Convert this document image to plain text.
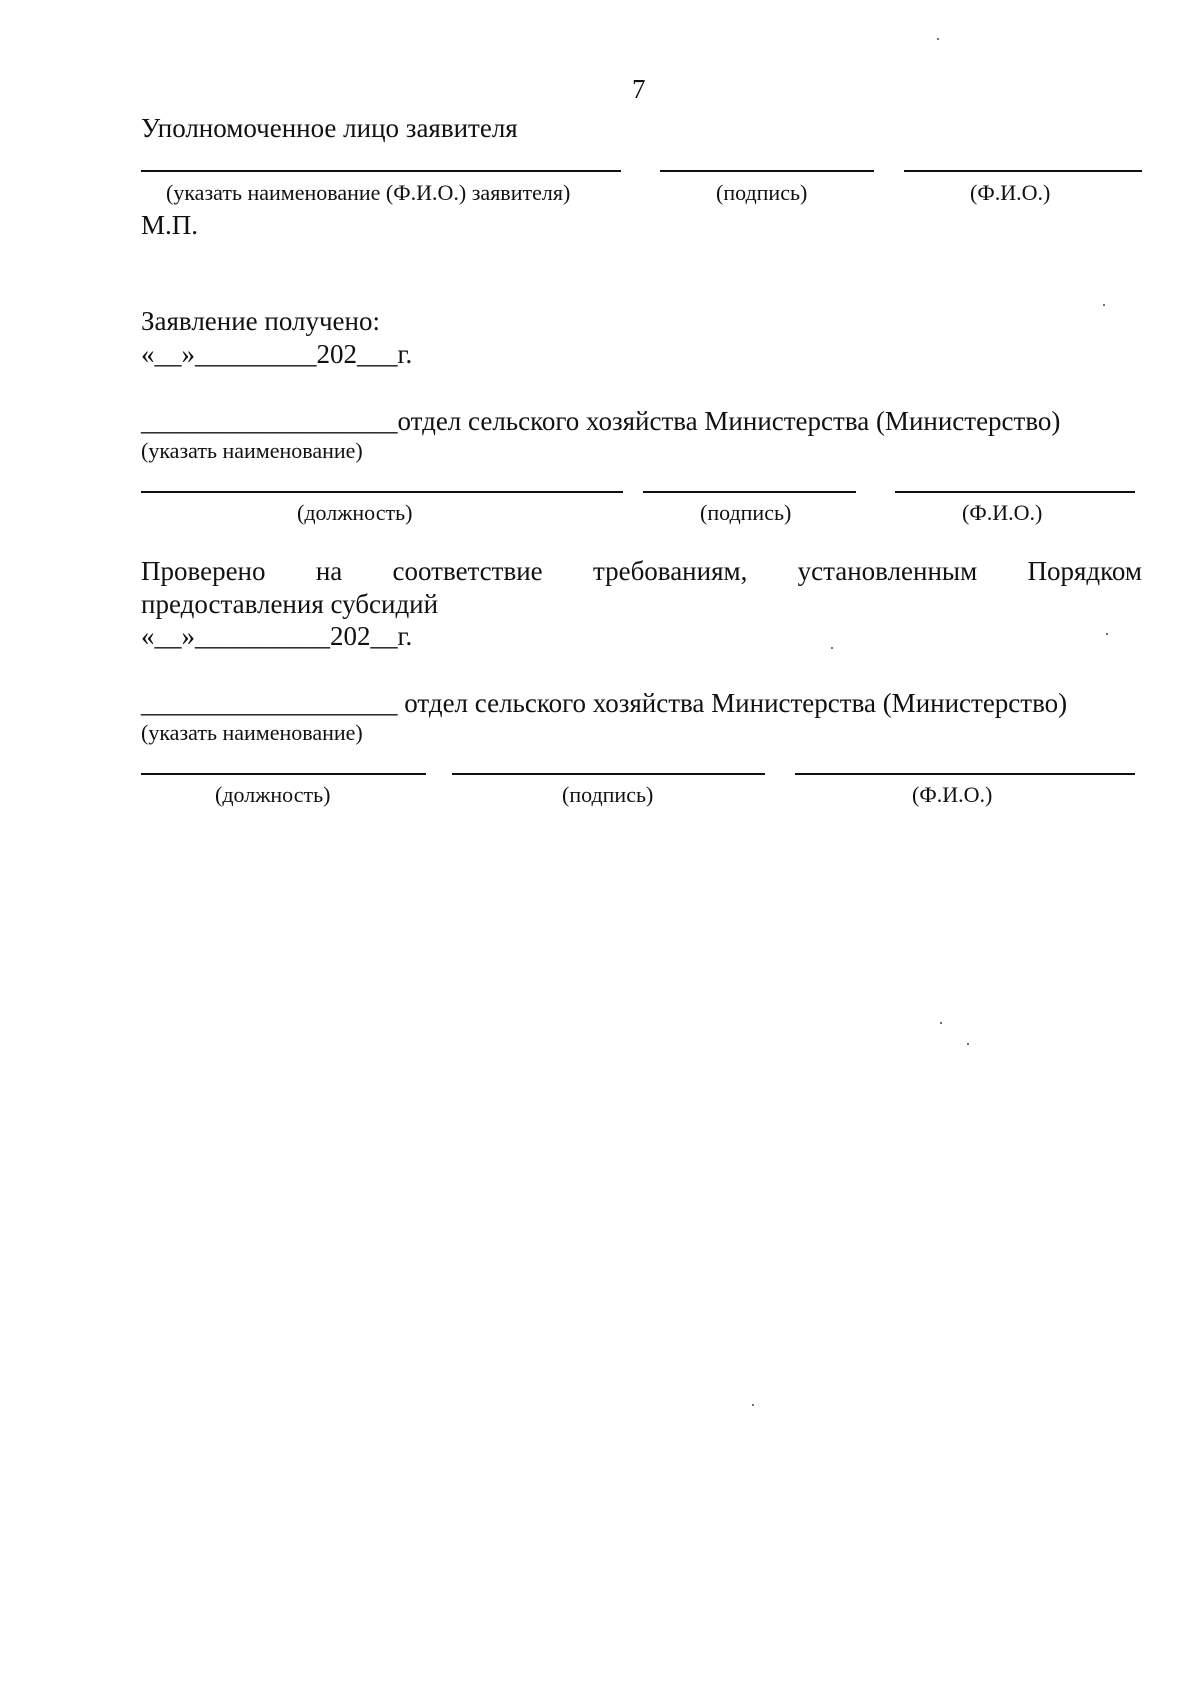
7
Уполномоченное лицо заявителя
(указать наименование (Ф.И.О.) заявителя)	(подпись)	(Ф.И.О.)
М.П.
Заявление получено:
«__»_________202___г.
___________________отдел сельского хозяйства Министерства (Министерство)
(указать наименование)
(должность)	(подпись)	(Ф.И.О.)
Проверено на соответствие требованиям, установленным Порядком
предоставления субсидий
«__»__________202__г.
___________________ отдел сельского хозяйства Министерства (Министерство)
(указать наименование)
(должность)	(подпись)	(Ф.И.О.)
